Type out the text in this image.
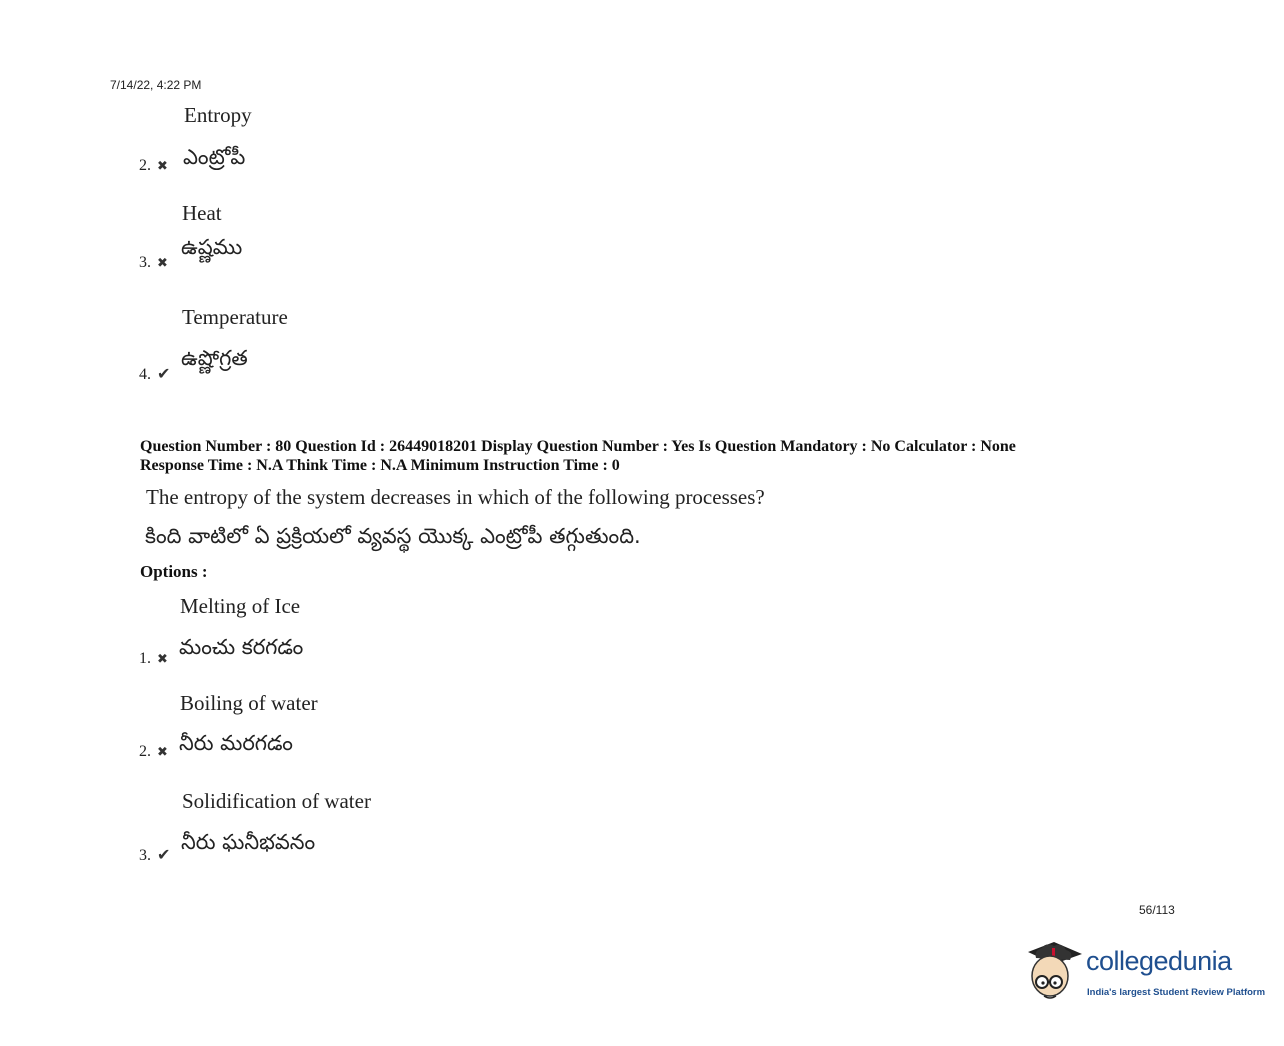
7/14/22, 4:22 PM
Entropy
ఎంట్రోపీ
2. ✖
Heat
ఉష్ణము
3. ✖
Temperature
ఉష్ణోగ్రత
4. ✔
Question Number : 80 Question Id : 26449018201 Display Question Number : Yes Is Question Mandatory : No Calculator : None
Response Time : N.A Think Time : N.A Minimum Instruction Time : 0
The entropy of the system decreases in which of the following processes?
కింది వాటిలో ఏ ప్రక్రియలో వ్యవస్థ యొక్క ఎంట్రోపీ తగ్గుతుంది.
Options :
Melting of Ice
మంచు కరగడం
1. ✖
Boiling of water
నీరు మరగడం
2. ✖
Solidification of water
నీరు ఘనీభవనం
3. ✔
56/113
collegedunia
India's largest Student Review Platform
